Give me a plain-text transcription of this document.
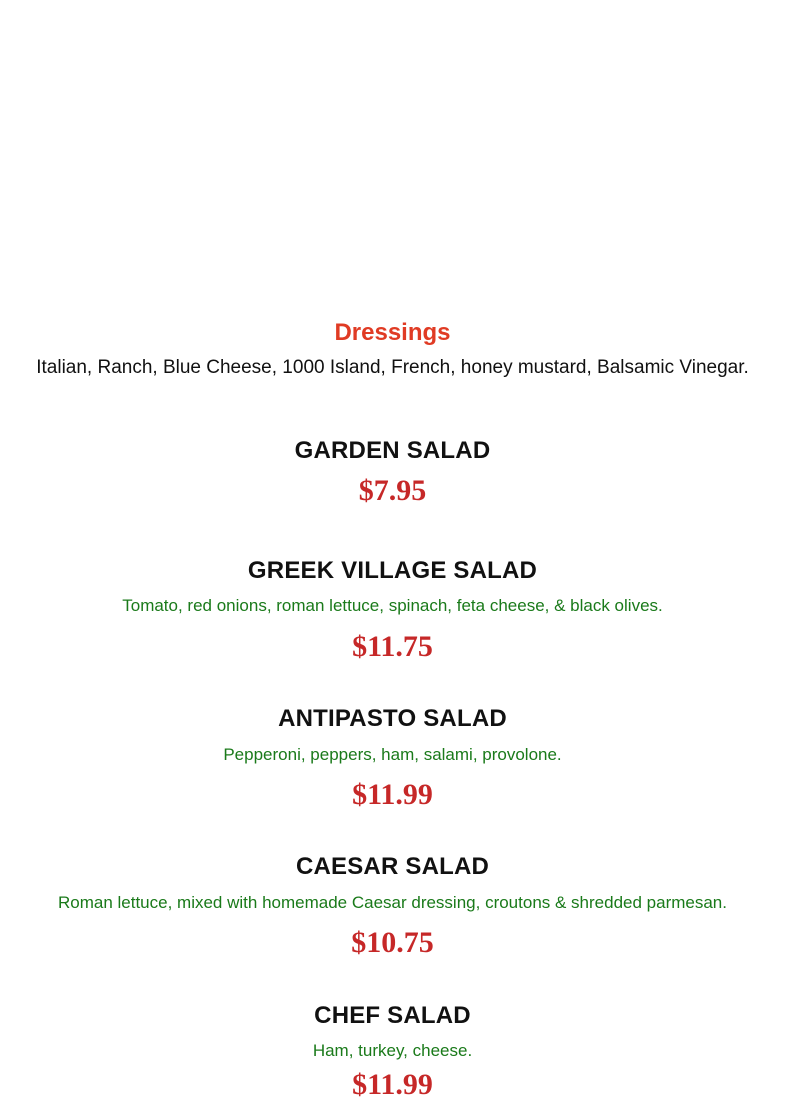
Dressings
Italian, Ranch, Blue Cheese, 1000 Island, French, honey mustard, Balsamic Vinegar.
GARDEN SALAD
$7.95
GREEK VILLAGE SALAD
Tomato, red onions, roman lettuce, spinach, feta cheese, & black olives.
$11.75
ANTIPASTO SALAD
Pepperoni, peppers, ham, salami, provolone.
$11.99
CAESAR SALAD
Roman lettuce, mixed with homemade Caesar dressing, croutons & shredded parmesan.
$10.75
CHEF SALAD
Ham, turkey, cheese.
$11.99
